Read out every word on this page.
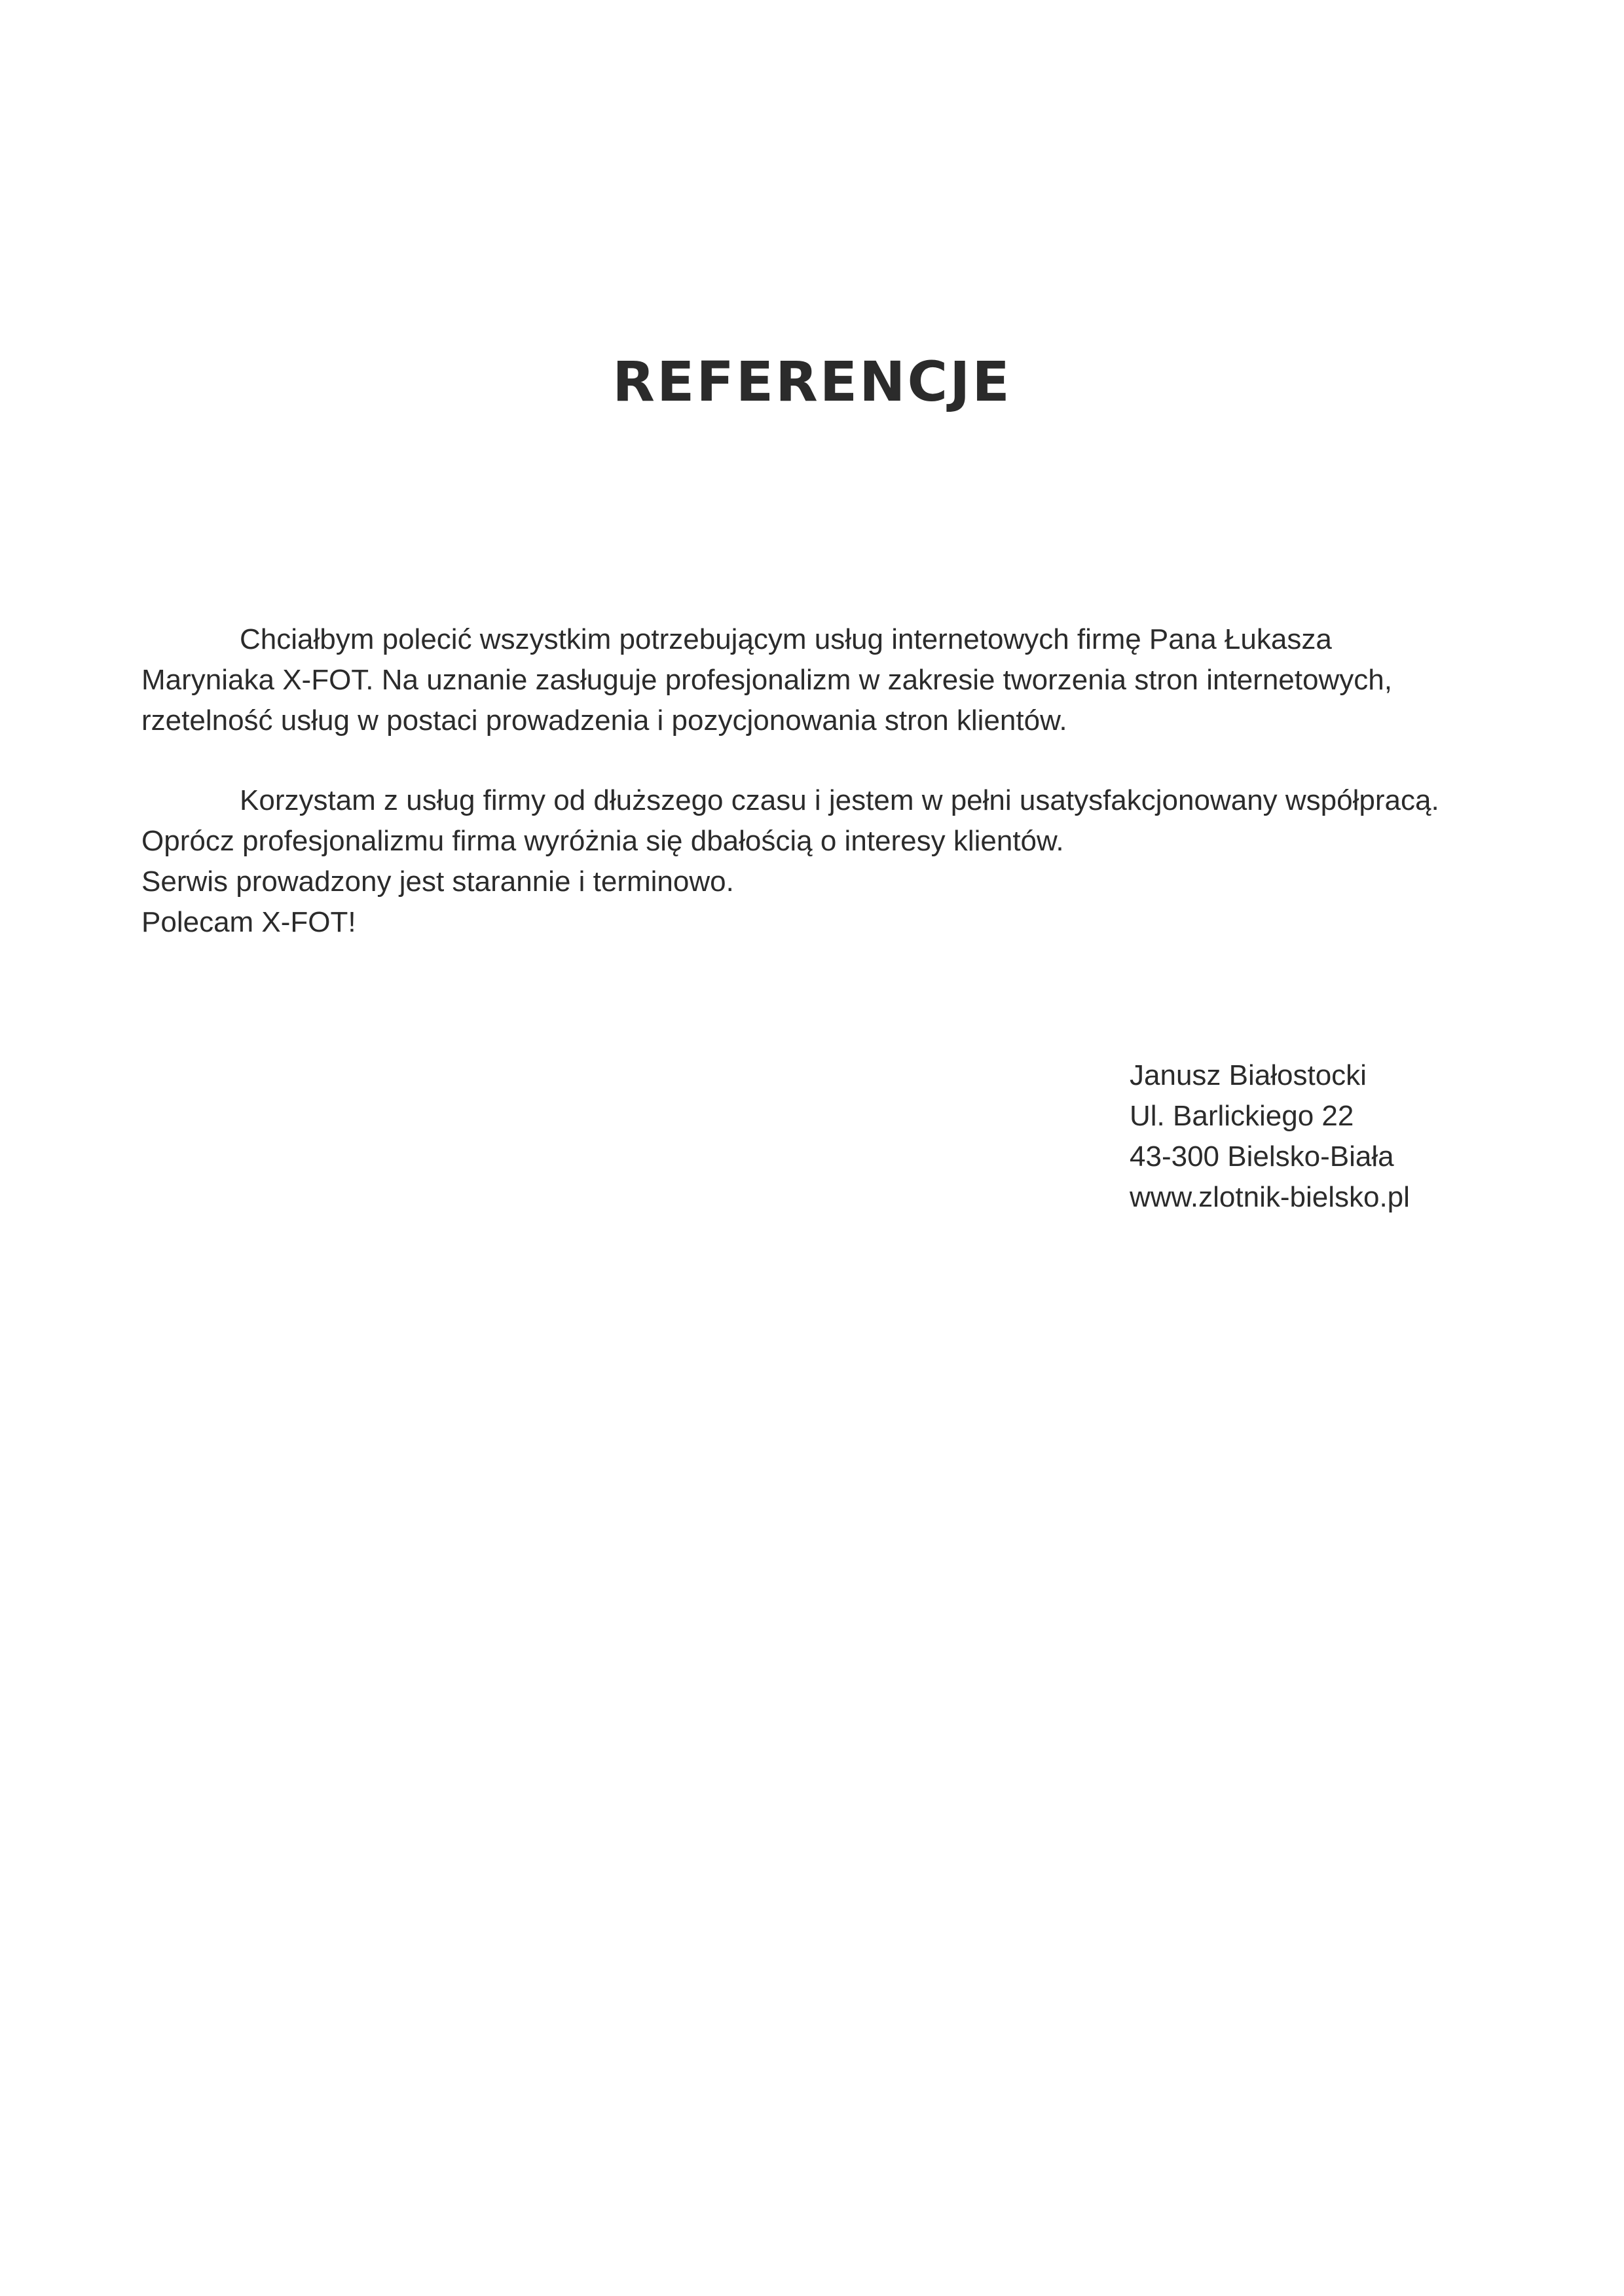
REFERENCJE
Chciałbym polecić wszystkim potrzebującym usług internetowych firmę Pana Łukasza
Maryniaka X-FOT. Na uznanie zasługuje profesjonalizm w zakresie tworzenia stron internetowych,
rzetelność usług w postaci prowadzenia i pozycjonowania stron klientów.
Korzystam z usług firmy od dłuższego czasu i jestem w pełni usatysfakcjonowany współpracą.
Oprócz profesjonalizmu firma wyróżnia się dbałością o interesy klientów.
Serwis prowadzony jest starannie i terminowo.
Polecam X-FOT!
Janusz Białostocki
Ul. Barlickiego 22
43-300 Bielsko-Biała
www.zlotnik-bielsko.pl
